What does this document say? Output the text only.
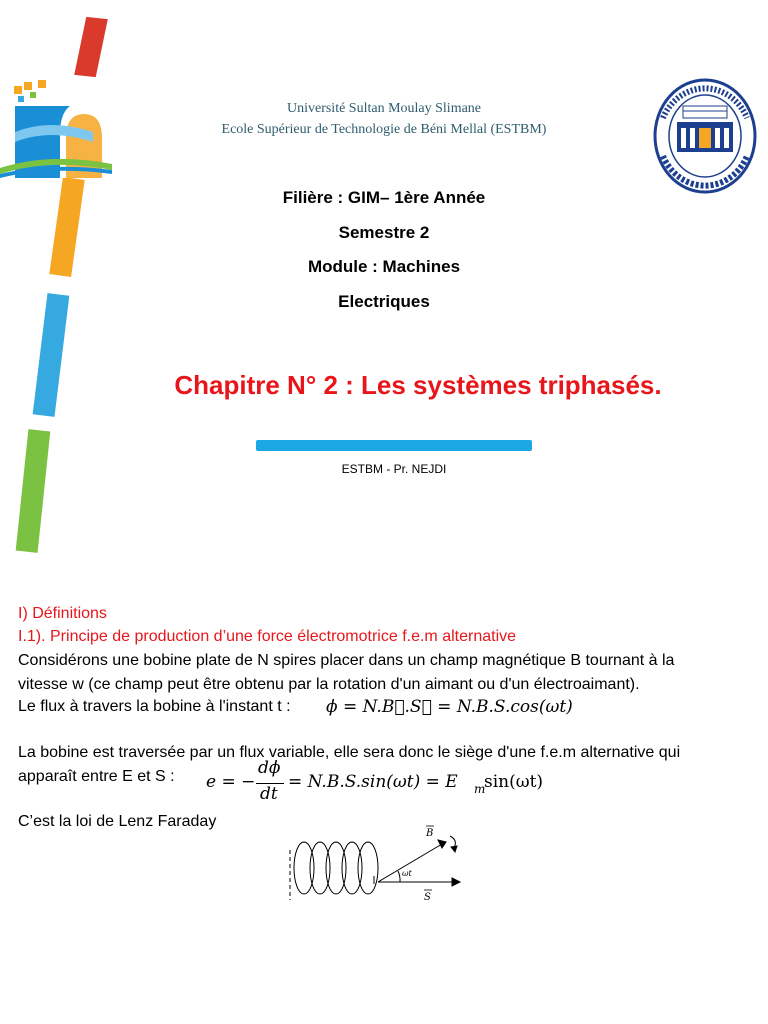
Université Sultan Moulay Slimane
Ecole Supérieur de Technologie de Béni Mellal (ESTBM)
Filière : GIM– 1ère Année
Semestre 2
Module : Machines
Electriques
Chapitre N° 2 : Les systèmes triphasés.
ESTBM - Pr. NEJDI
I) Définitions
I.1). Principe de production d’une force électromotrice f.e.m alternative
Considérons une bobine plate de N spires placer dans un champ magnétique B tournant à la
vitesse w (ce champ peut être obtenu par la rotation d'un aimant ou d'un électroaimant).
Le flux à travers la bobine à l'instant t : ϕ = N.B⃗.S⃗ = N.B.S.cos(ωt)
La bobine est traversée par un flux variable, elle sera donc le siège d'une f.e.m alternative qui
apparaît entre E et S : e = −
dϕ
dt
= N.B.S.sin(ωt) = E m
sin(ωt)
C’est la loi de Lenz Faraday
B
S
ωt
